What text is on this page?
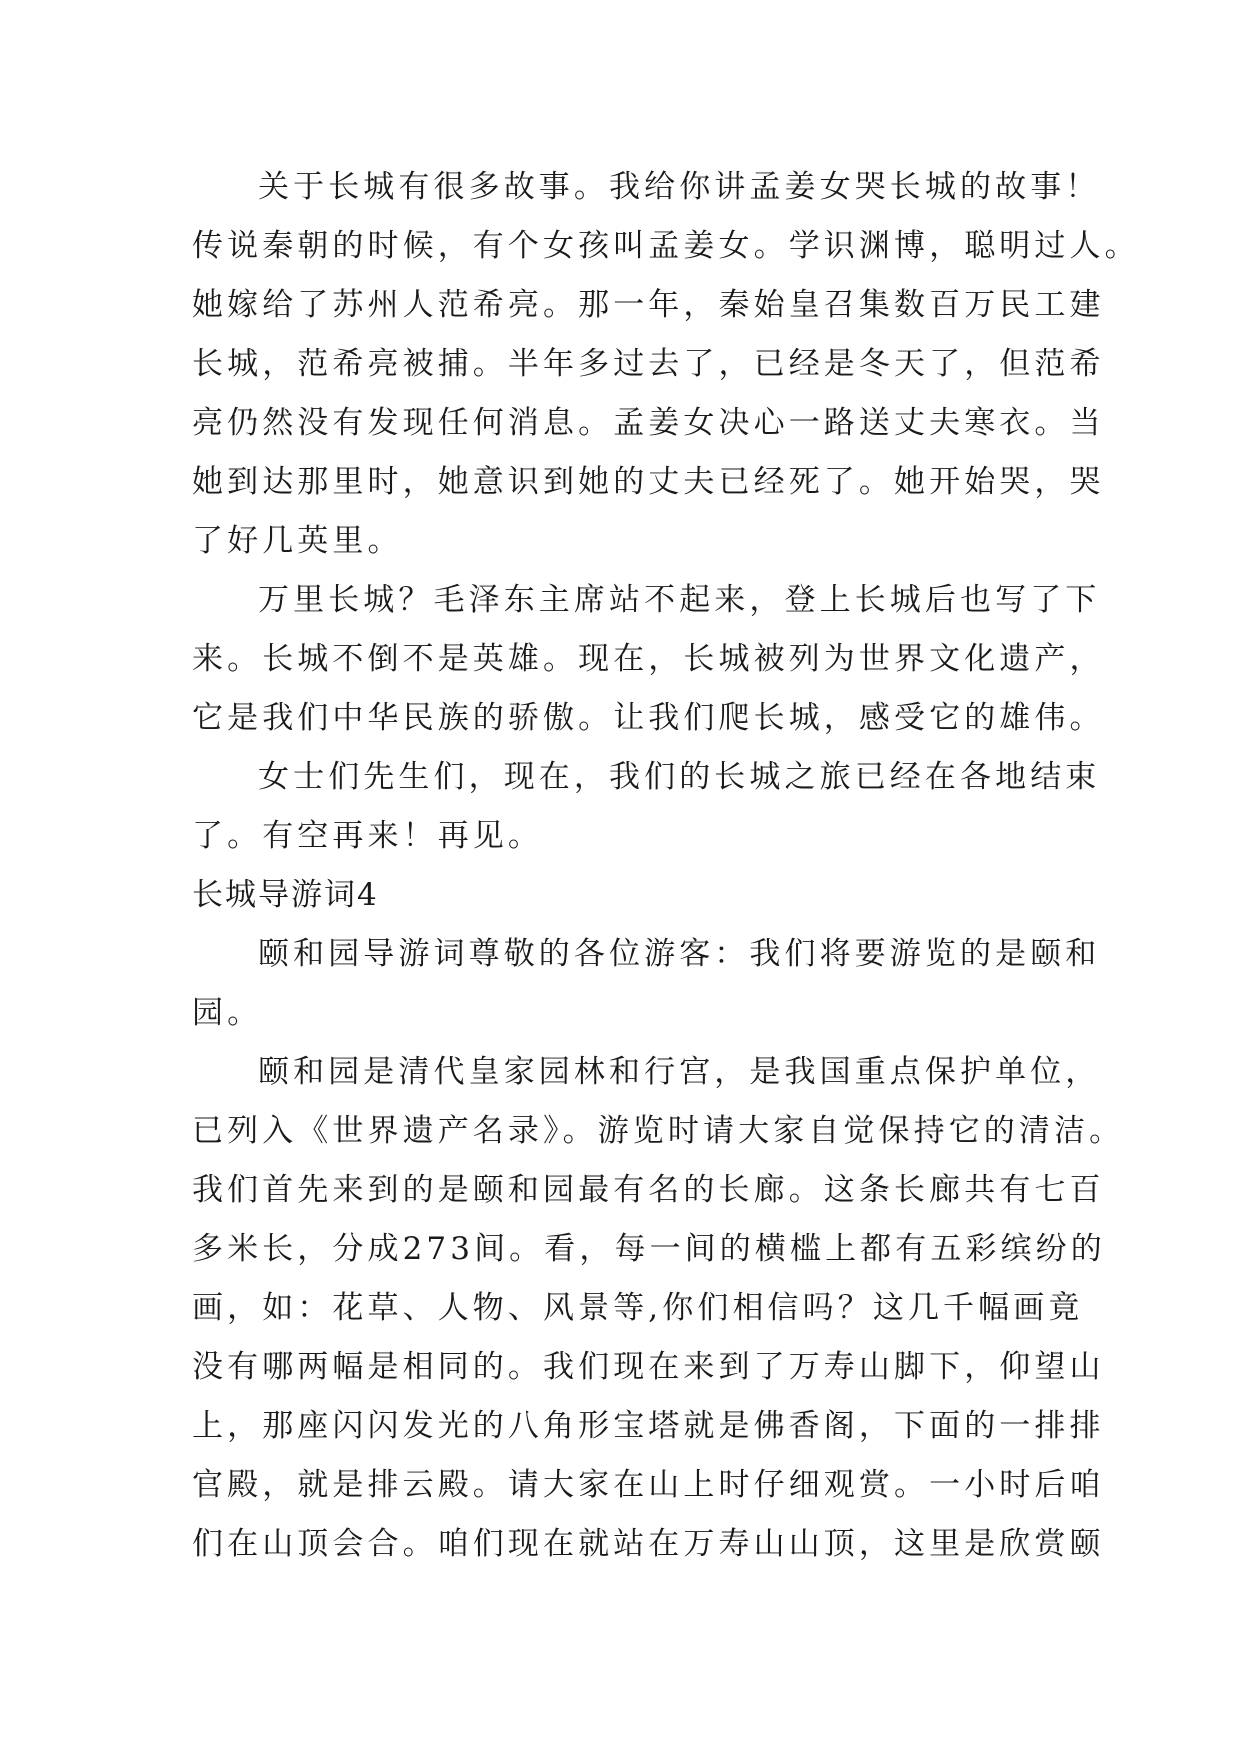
关于长城有很多故事。我给你讲孟姜女哭长城的故事！
传说秦朝的时候，有个女孩叫孟姜女。学识渊博，聪明过人。
她嫁给了苏州人范希亮。那一年，秦始皇召集数百万民工建
长城，范希亮被捕。半年多过去了，已经是冬天了，但范希
亮仍然没有发现任何消息。孟姜女决心一路送丈夫寒衣。当
她到达那里时，她意识到她的丈夫已经死了。她开始哭，哭
了好几英里。
万里长城？毛泽东主席站不起来，登上长城后也写了下
来。长城不倒不是英雄。现在，长城被列为世界文化遗产，
它是我们中华民族的骄傲。让我们爬长城，感受它的雄伟。
女士们先生们，现在，我们的长城之旅已经在各地结束
了。有空再来！再见。
长城导游词4
颐和园导游词尊敬的各位游客：我们将要游览的是颐和
园。
颐和园是清代皇家园林和行宫，是我国重点保护单位，
已列入《世界遗产名录》。游览时请大家自觉保持它的清洁。
我们首先来到的是颐和园最有名的长廊。这条长廊共有七百
多米长，分成273间。看，每一间的横槛上都有五彩缤纷的
画，如：花草、人物、风景等,你们相信吗？这几千幅画竟
没有哪两幅是相同的。我们现在来到了万寿山脚下，仰望山
上，那座闪闪发光的八角形宝塔就是佛香阁，下面的一排排
官殿，就是排云殿。请大家在山上时仔细观赏。一小时后咱
们在山顶会合。咱们现在就站在万寿山山顶，这里是欣赏颐
